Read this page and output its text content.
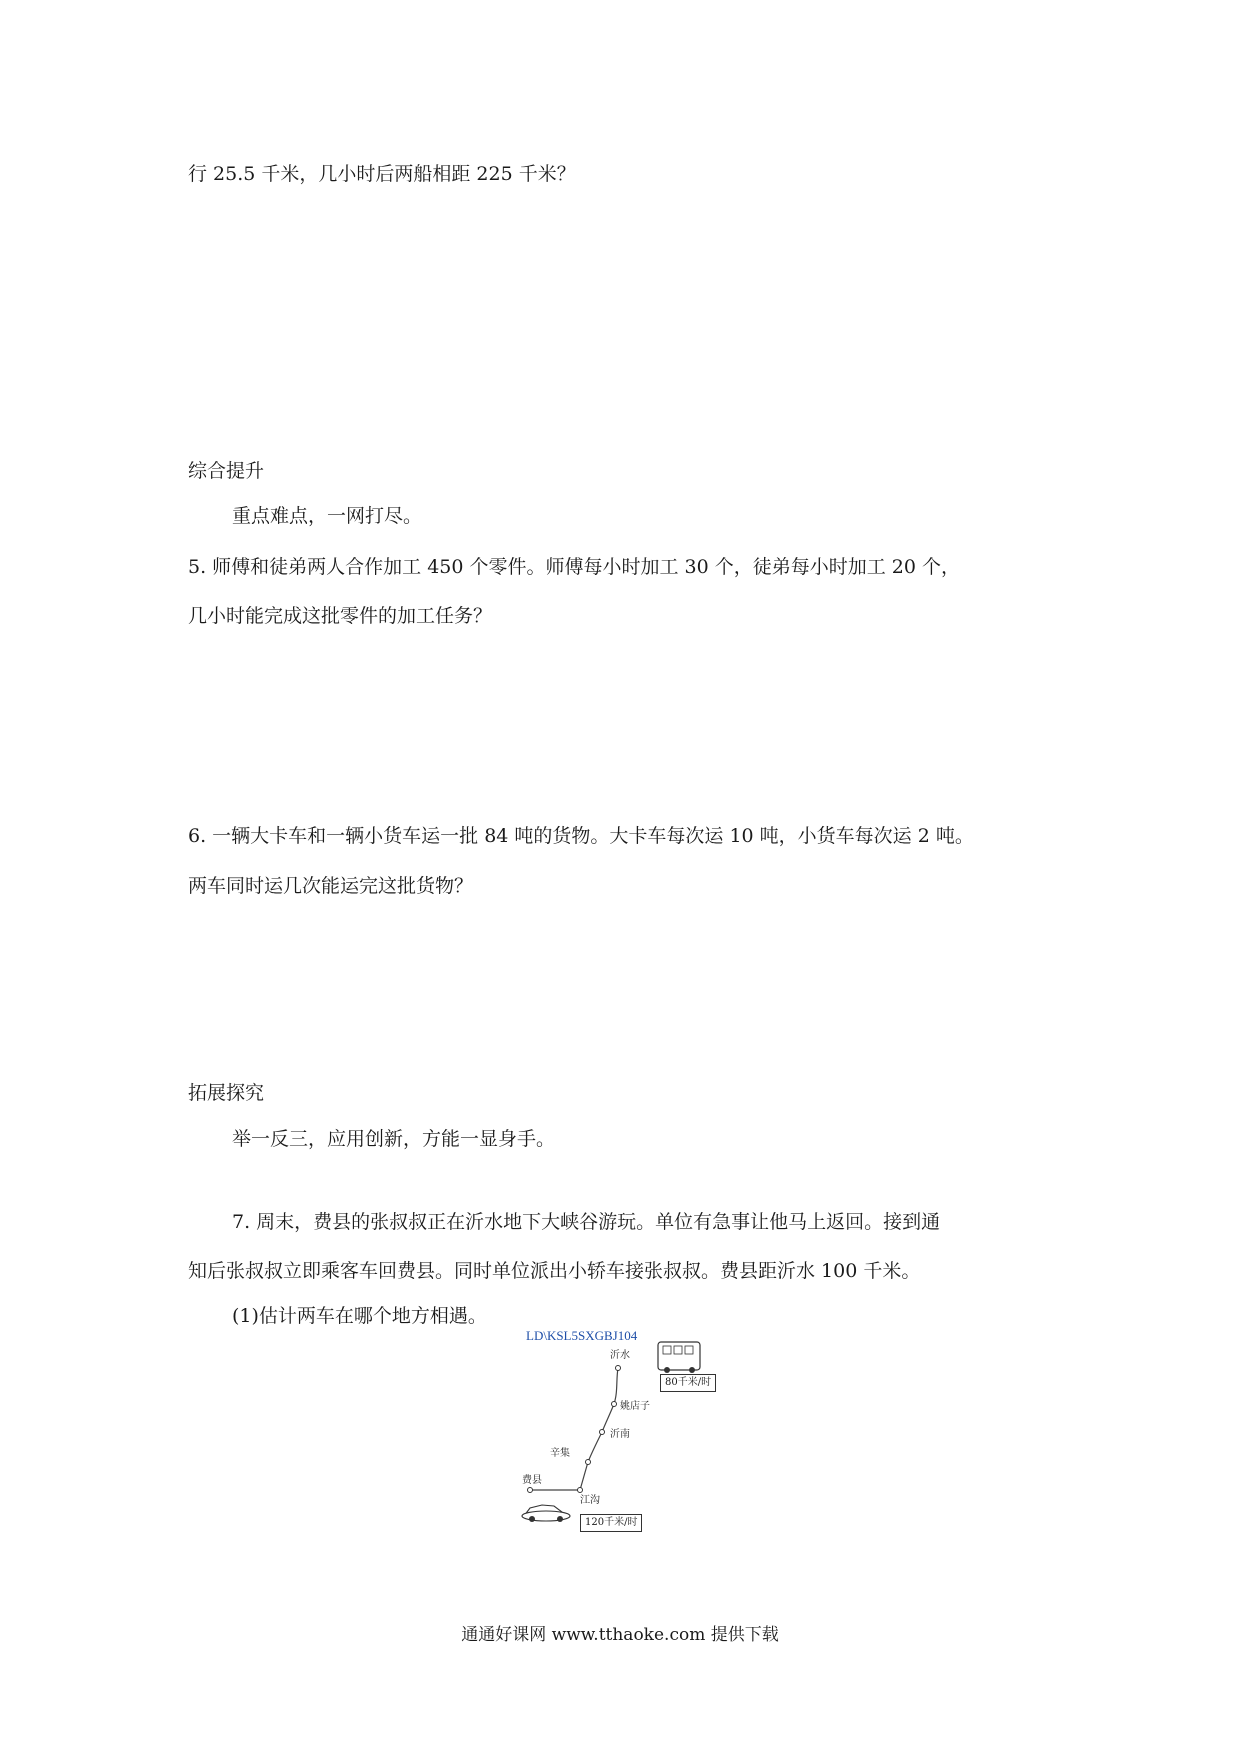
行 25.5 千米，几小时后两船相距 225 千米？
综合提升
重点难点，一网打尽。
5. 师傅和徒弟两人合作加工 450 个零件。师傅每小时加工 30 个，徒弟每小时加工 20 个，
几小时能完成这批零件的加工任务？
6. 一辆大卡车和一辆小货车运一批 84 吨的货物。大卡车每次运 10 吨，小货车每次运 2 吨。
两车同时运几次能运完这批货物？
拓展探究
举一反三，应用创新，方能一显身手。
7. 周末，费县的张叔叔正在沂水地下大峡谷游玩。单位有急事让他马上返回。接到通
知后张叔叔立即乘客车回费县。同时单位派出小轿车接张叔叔。费县距沂水 100 千米。
(1)估计两车在哪个地方相遇。
LD\KSL5SXGBJ104
沂水
姚店子
沂南
辛集
江沟
费县
80千米/时
120千米/时
通通好课网 www.tthaoke.com 提供下载
